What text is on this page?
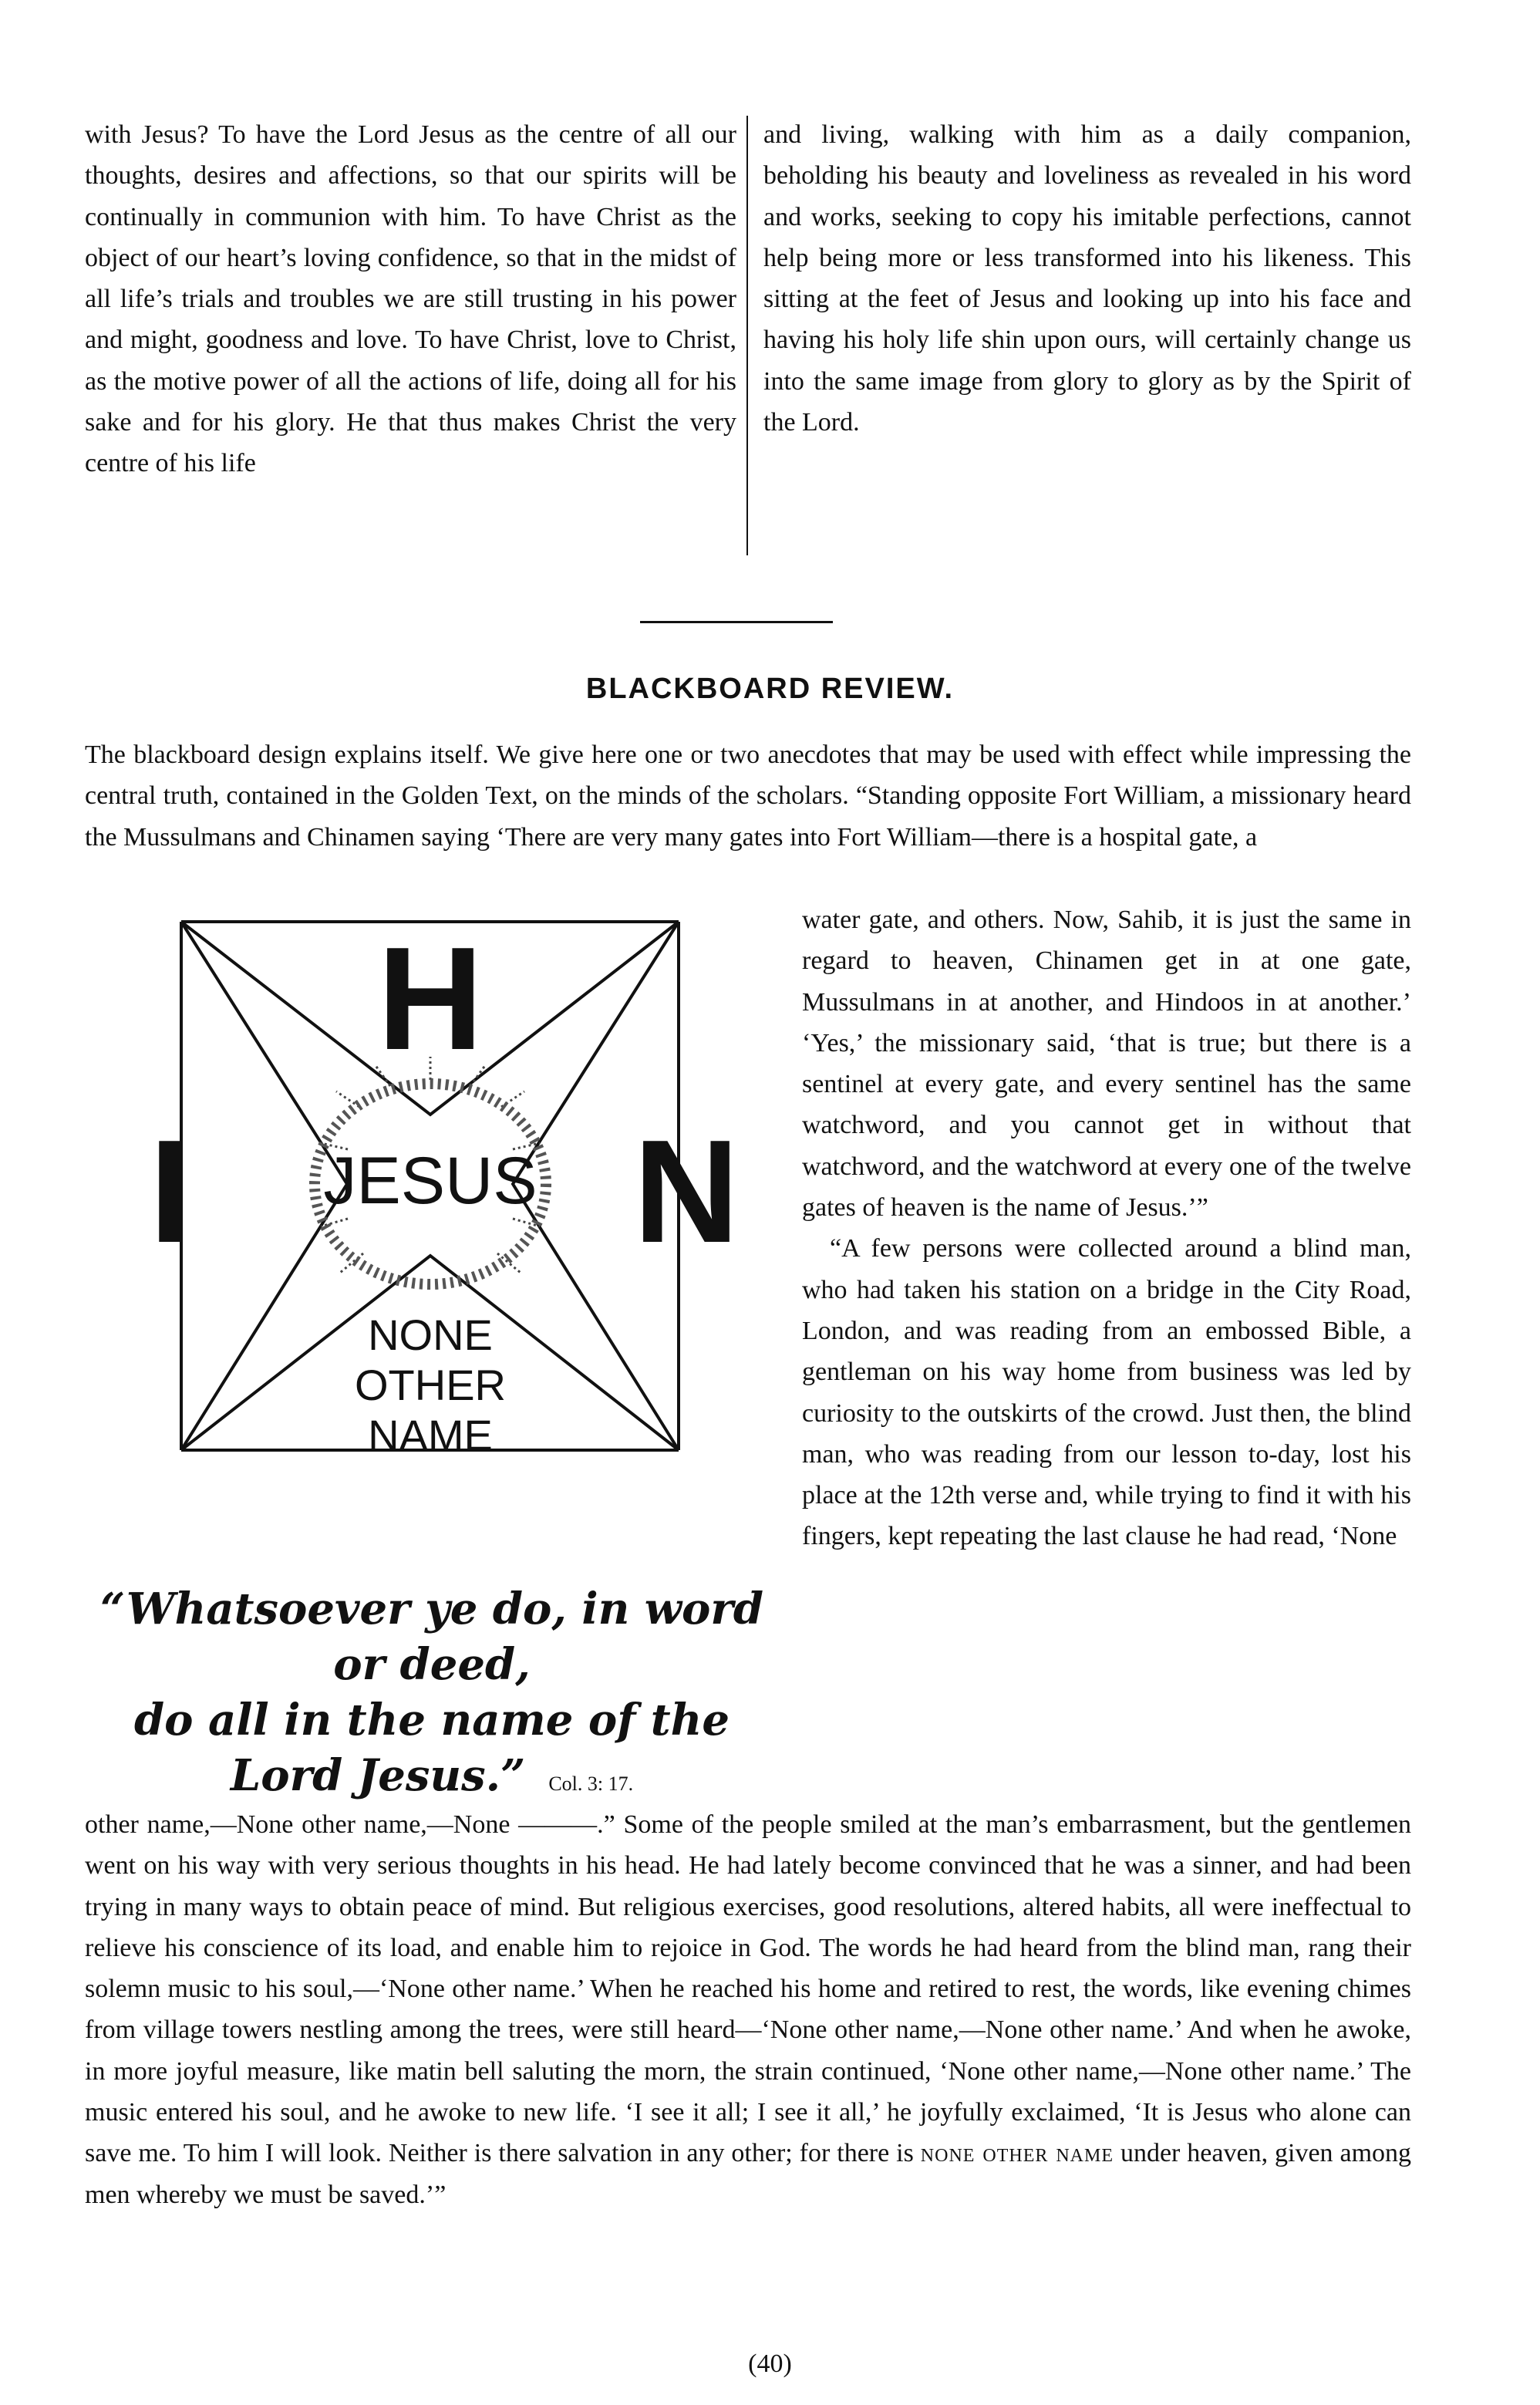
with Jesus? To have the Lord Jesus as the centre of all our thoughts, desires and affections, so that our spirits will be continually in communion with him. To have Christ as the object of our heart’s loving confidence, so that in the midst of all life’s trials and troubles we are still trusting in his power and might, goodness and love. To have Christ, love to Christ, as the motive power of all the actions of life, doing all for his sake and for his glory. He that thus makes Christ the very centre of his life

and living, walking with him as a daily companion, beholding his beauty and loveliness as revealed in his word and works, seeking to copy his imitable perfections, cannot help being more or less transformed into his likeness. This sitting at the feet of Jesus and looking up into his face and having his holy life shin upon ours, will certainly change us into the same image from glory to glory as by the Spirit of the Lord.

BLACKBOARD REVIEW.

The blackboard design explains itself. We give here one or two anecdotes that may be used with effect while impressing the central truth, contained in the Golden Text, on the minds of the scholars. “Standing opposite Fort William, a missionary heard the Mussulmans and Chinamen saying ‘There are very many gates into Fort William—there is a hospital gate, a

H
I	N
JESUS
NONE
OTHER
NAME
“Whatsoever ye do, in word or deed,
do all in the name of the
Lord Jesus.” Col. 3: 17.

water gate, and others. Now, Sahib, it is just the same in regard to heaven, Chinamen get in at one gate, Mussulmans in at another, and Hindoos in at another.’ ‘Yes,’ the missionary said, ‘that is true; but there is a sentinel at every gate, and every sentinel has the same watchword, and you cannot get in without that watchword, and the watchword at every one of the twelve gates of heaven is the name of Jesus.’”

“A few persons were collected around a blind man, who had taken his station on a bridge in the City Road, London, and was reading from an embossed Bible, a gentleman on his way home from business was led by curiosity to the outskirts of the crowd. Just then, the blind man, who was reading from our lesson to-day, lost his place at the 12th verse and, while trying to find it with his fingers, kept repeating the last clause he had read, ‘None

other name,—None other name,—None ———.” Some of the people smiled at the man’s embarrasment, but the gentlemen went on his way with very serious thoughts in his head. He had lately become convinced that he was a sinner, and had been trying in many ways to obtain peace of mind. But religious exercises, good resolutions, altered habits, all were ineffectual to relieve his conscience of its load, and enable him to rejoice in God. The words he had heard from the blind man, rang their solemn music to his soul,—‘None other name.’ When he reached his home and retired to rest, the words, like evening chimes from village towers nestling among the trees, were still heard—‘None other name,—None other name.’ And when he awoke, in more joyful measure, like matin bell saluting the morn, the strain continued, ‘None other name,—None other name.’ The music entered his soul, and he awoke to new life. ‘I see it all; I see it all,’ he joyfully exclaimed, ‘It is Jesus who alone can save me. To him I will look. Neither is there salvation in any other; for there is none other name under heaven, given among men whereby we must be saved.’”

(40)
